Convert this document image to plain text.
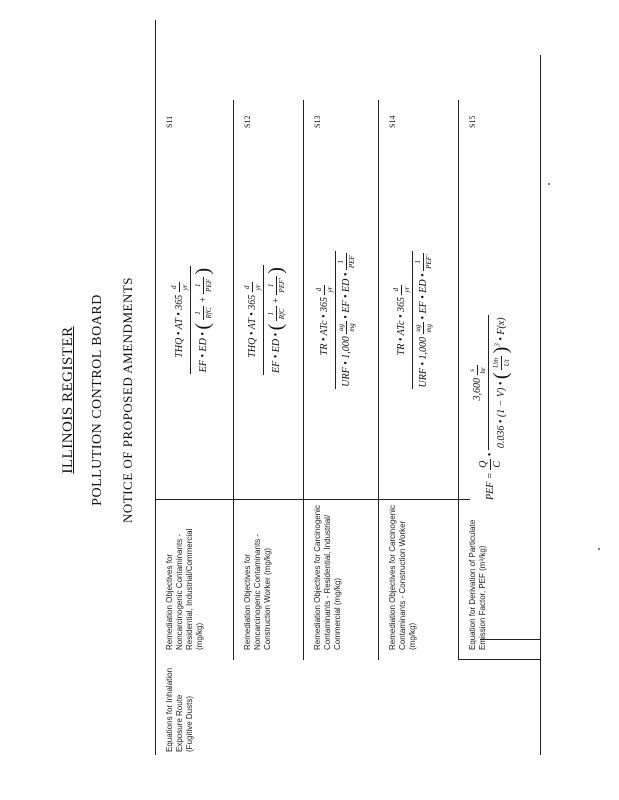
ILLINOIS REGISTER POLLUTION CONTROL BOARD NOTICE OF PROPOSED AMENDMENTS
Equations for Inhalation Exposure Route (Fugitive Dusts)
Remediation Objectives for Noncarcinogenic Contaminants - Residential, Industrial/Commercial (mg/kg)
S11
THQ • AT • 365
d yr
EF • ED • (
1 RfC
+
1 PEF
)
Remediation Objectives for Noncarcinogenic Contaminants - Construction Worker (mg/kg)
S12
THQ • AT • 365
d yr
EF • ED • (
1 RfC
+
1 PEF'
)
Remediation Objectives for Carcinogenic Contaminants - Residential, Industrial/ Commercial (mg/kg)
S13
TR • ATc • 365
d yr
URF • 1,000
ug mg
• EF • ED •
1 PEF
Remediation Objectives for Carcinogenic Contaminants - Construction Worker (mg/kg)
S14
TR • ATc • 365
d yr
URF • 1,000
ug mg
• EF • ED •
1 PEF'
Equation for Derivation of Particulate Emission Factor, PEF (m³/kg)
S15
PEF =
Q C
•
3,600
s hr
0.036 • (1 − V) • (
Um Ut
)$^3$ • F(x)
